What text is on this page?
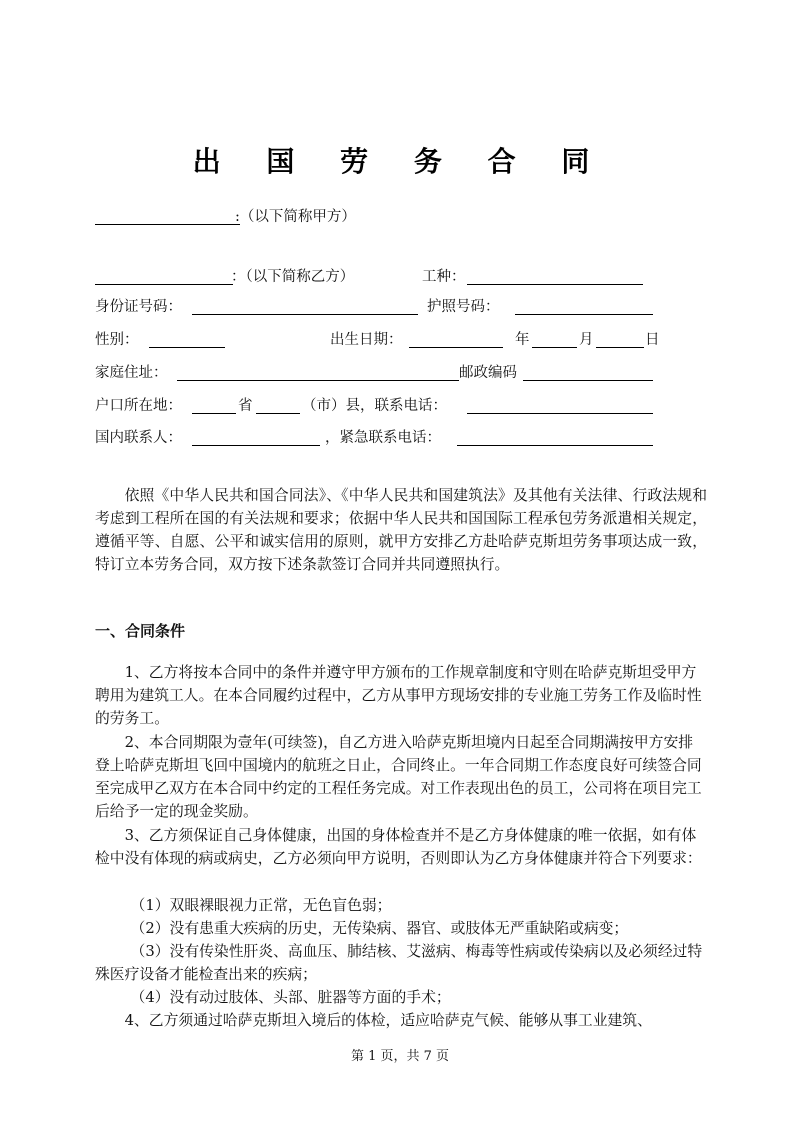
出 国 劳 务 合 同
:（以下简称甲方）
：（以下简称乙方）	工种：
身份证号码：	护照号码：
性别：	出生日期：	年	月	日
家庭住址：	邮政编码
户口所在地：	省	（市）县，联系电话：
国内联系人：	，紧急联系电话：

依照《中华人民共和国合同法》、《中华人民共和国建筑法》及其他有关法律、行政法规和考虑到工程所在国的有关法规和要求；依据中华人民共和国国际工程承包劳务派遣相关规定，遵循平等、自愿、公平和诚实信用的原则，就甲方安排乙方赴哈萨克斯坦劳务事项达成一致，特订立本劳务合同，双方按下述条款签订合同并共同遵照执行。

一、合同条件
1、乙方将按本合同中的条件并遵守甲方颁布的工作规章制度和守则在哈萨克斯坦受甲方聘用为建筑工人。在本合同履约过程中，乙方从事甲方现场安排的专业施工劳务工作及临时性的劳务工。
2、本合同期限为壹年(可续签)，自乙方进入哈萨克斯坦境内日起至合同期满按甲方安排登上哈萨克斯坦飞回中国境内的航班之日止，合同终止。一年合同期工作态度良好可续签合同至完成甲乙双方在本合同中约定的工程任务完成。对工作表现出色的员工，公司将在项目完工后给予一定的现金奖励。
3、乙方须保证自己身体健康，出国的身体检查并不是乙方身体健康的唯一依据，如有体检中没有体现的病或病史，乙方必须向甲方说明，否则即认为乙方身体健康并符合下列要求：
（1）双眼裸眼视力正常，无色盲色弱；
（2）没有患重大疾病的历史，无传染病、器官、或肢体无严重缺陷或病变；
（3）没有传染性肝炎、高血压、肺结核、艾滋病、梅毒等性病或传染病以及必须经过特殊医疗设备才能检查出来的疾病；
（4）没有动过肢体、头部、脏器等方面的手术；
4、乙方须通过哈萨克斯坦入境后的体检，适应哈萨克气候、能够从事工业建筑、
第 1 页，共 7 页
